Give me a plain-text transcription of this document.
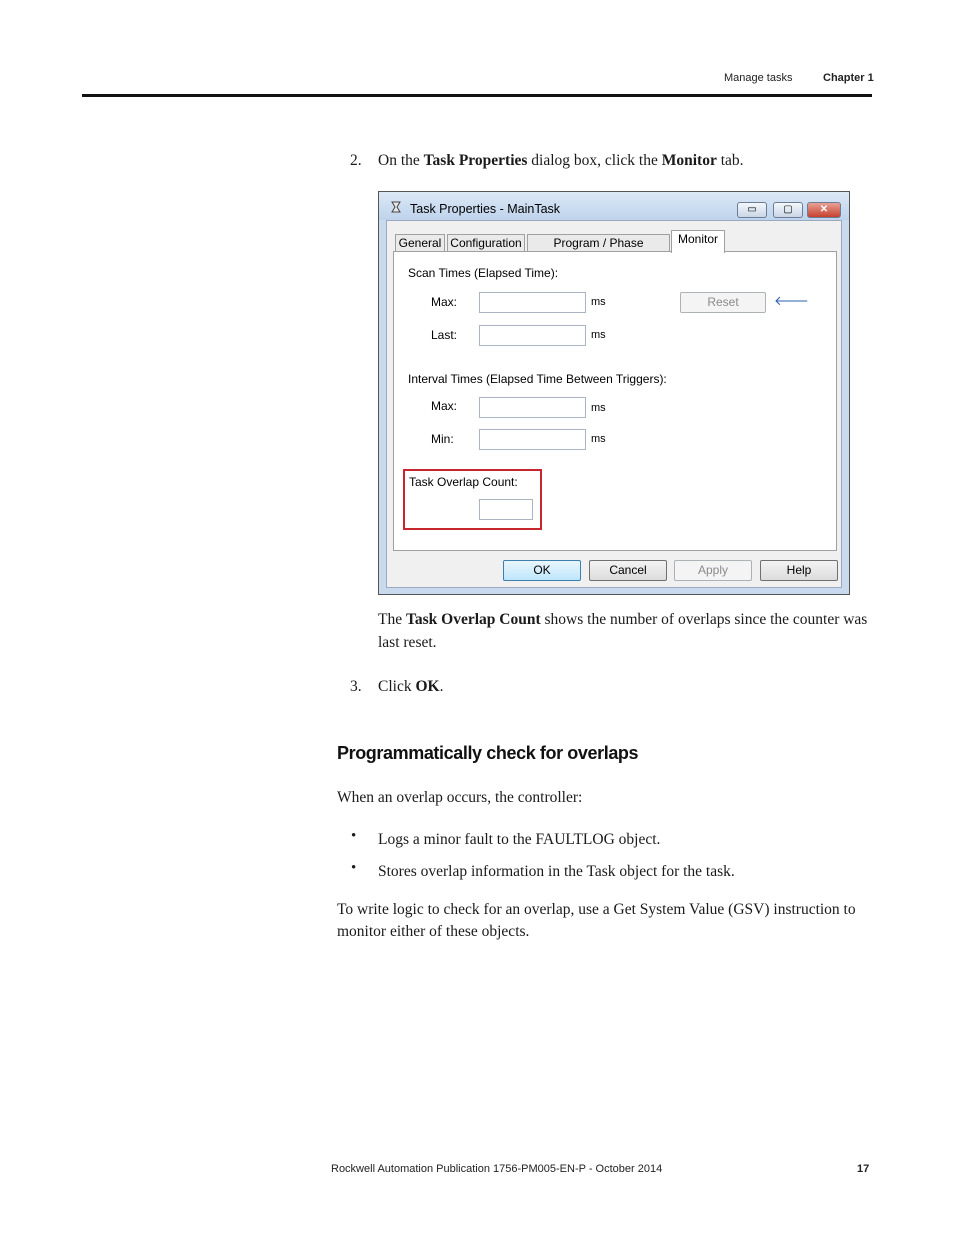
Manage tasks	Chapter 1
2. On the Task Properties dialog box, click the Monitor tab.
Task Properties - MainTask	▭	▢	✕
General Configuration	Program / Phase	Monitor
Scan Times (Elapsed Time):
Max:	ms	Reset	🡐
Last:	ms
Interval Times (Elapsed Time Between Triggers):
Max:	ms
Min:	ms
Task Overlap Count:
OK	Cancel	Apply	Help
The Task Overlap Count shows the number of overlaps since the counter was last reset.
3. Click OK.
Programmatically check for overlaps
When an overlap occurs, the controller:
• Logs a minor fault to the FAULTLOG object.
• Stores overlap information in the Task object for the task.
To write logic to check for an overlap, use a Get System Value (GSV) instruction to monitor either of these objects.
Rockwell Automation Publication 1756-PM005-EN-P - October 2014	17
